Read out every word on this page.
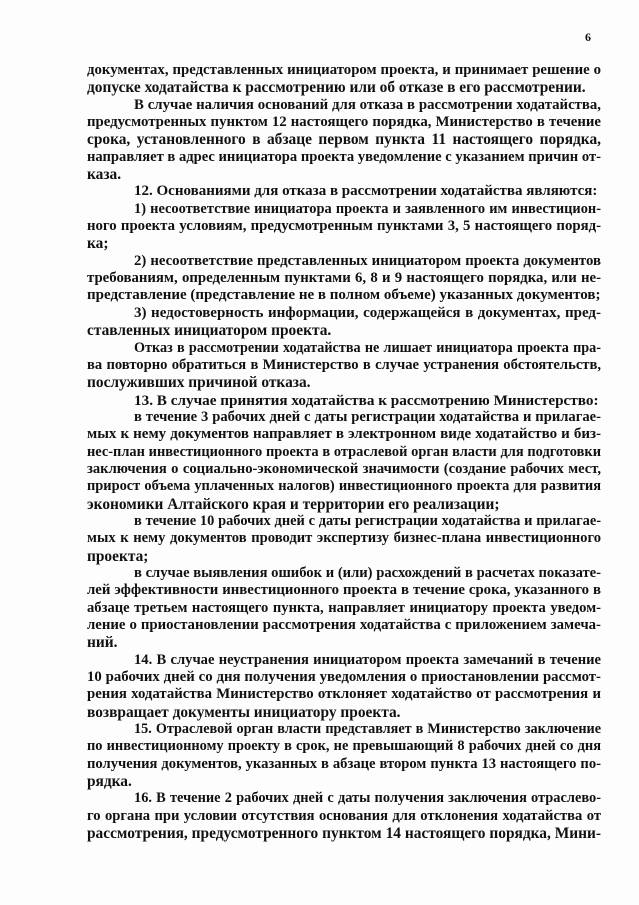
6
документах, представленных инициатором проекта, и принимает решение о
допуске ходатайства к рассмотрению или об отказе в его рассмотрении.
В случае наличия оснований для отказа в рассмотрении ходатайства,
предусмотренных пунктом 12 настоящего порядка, Министерство в течение
срока, установленного в абзаце первом пункта 11 настоящего порядка,
направляет в адрес инициатора проекта уведомление с указанием причин от-
каза.
12. Основаниями для отказа в рассмотрении ходатайства являются:
1) несоответствие инициатора проекта и заявленного им инвестицион-
ного проекта условиям, предусмотренным пунктами 3, 5 настоящего поряд-
ка;
2) несоответствие представленных инициатором проекта документов
требованиям, определенным пунктами 6, 8 и 9 настоящего порядка, или не-
представление (представление не в полном объеме) указанных документов;
3) недостоверность информации, содержащейся в документах, пред-
ставленных инициатором проекта.
Отказ в рассмотрении ходатайства не лишает инициатора проекта пра-
ва повторно обратиться в Министерство в случае устранения обстоятельств,
послуживших причиной отказа.
13. В случае принятия ходатайства к рассмотрению Министерство:
в течение 3 рабочих дней с даты регистрации ходатайства и прилагае-
мых к нему документов направляет в электронном виде ходатайство и биз-
нес-план инвестиционного проекта в отраслевой орган власти для подготовки
заключения о социально-экономической значимости (создание рабочих мест,
прирост объема уплаченных налогов) инвестиционного проекта для развития
экономики Алтайского края и территории его реализации;
в течение 10 рабочих дней с даты регистрации ходатайства и прилагае-
мых к нему документов проводит экспертизу бизнес-плана инвестиционного
проекта;
в случае выявления ошибок и (или) расхождений в расчетах показате-
лей эффективности инвестиционного проекта в течение срока, указанного в
абзаце третьем настоящего пункта, направляет инициатору проекта уведом-
ление о приостановлении рассмотрения ходатайства с приложением замеча-
ний.
14. В случае неустранения инициатором проекта замечаний в течение
10 рабочих дней со дня получения уведомления о приостановлении рассмот-
рения ходатайства Министерство отклоняет ходатайство от рассмотрения и
возвращает документы инициатору проекта.
15. Отраслевой орган власти представляет в Министерство заключение
по инвестиционному проекту в срок, не превышающий 8 рабочих дней со дня
получения документов, указанных в абзаце втором пункта 13 настоящего по-
рядка.
16. В течение 2 рабочих дней с даты получения заключения отраслево-
го органа при условии отсутствия основания для отклонения ходатайства от
рассмотрения, предусмотренного пунктом 14 настоящего порядка, Мини-
